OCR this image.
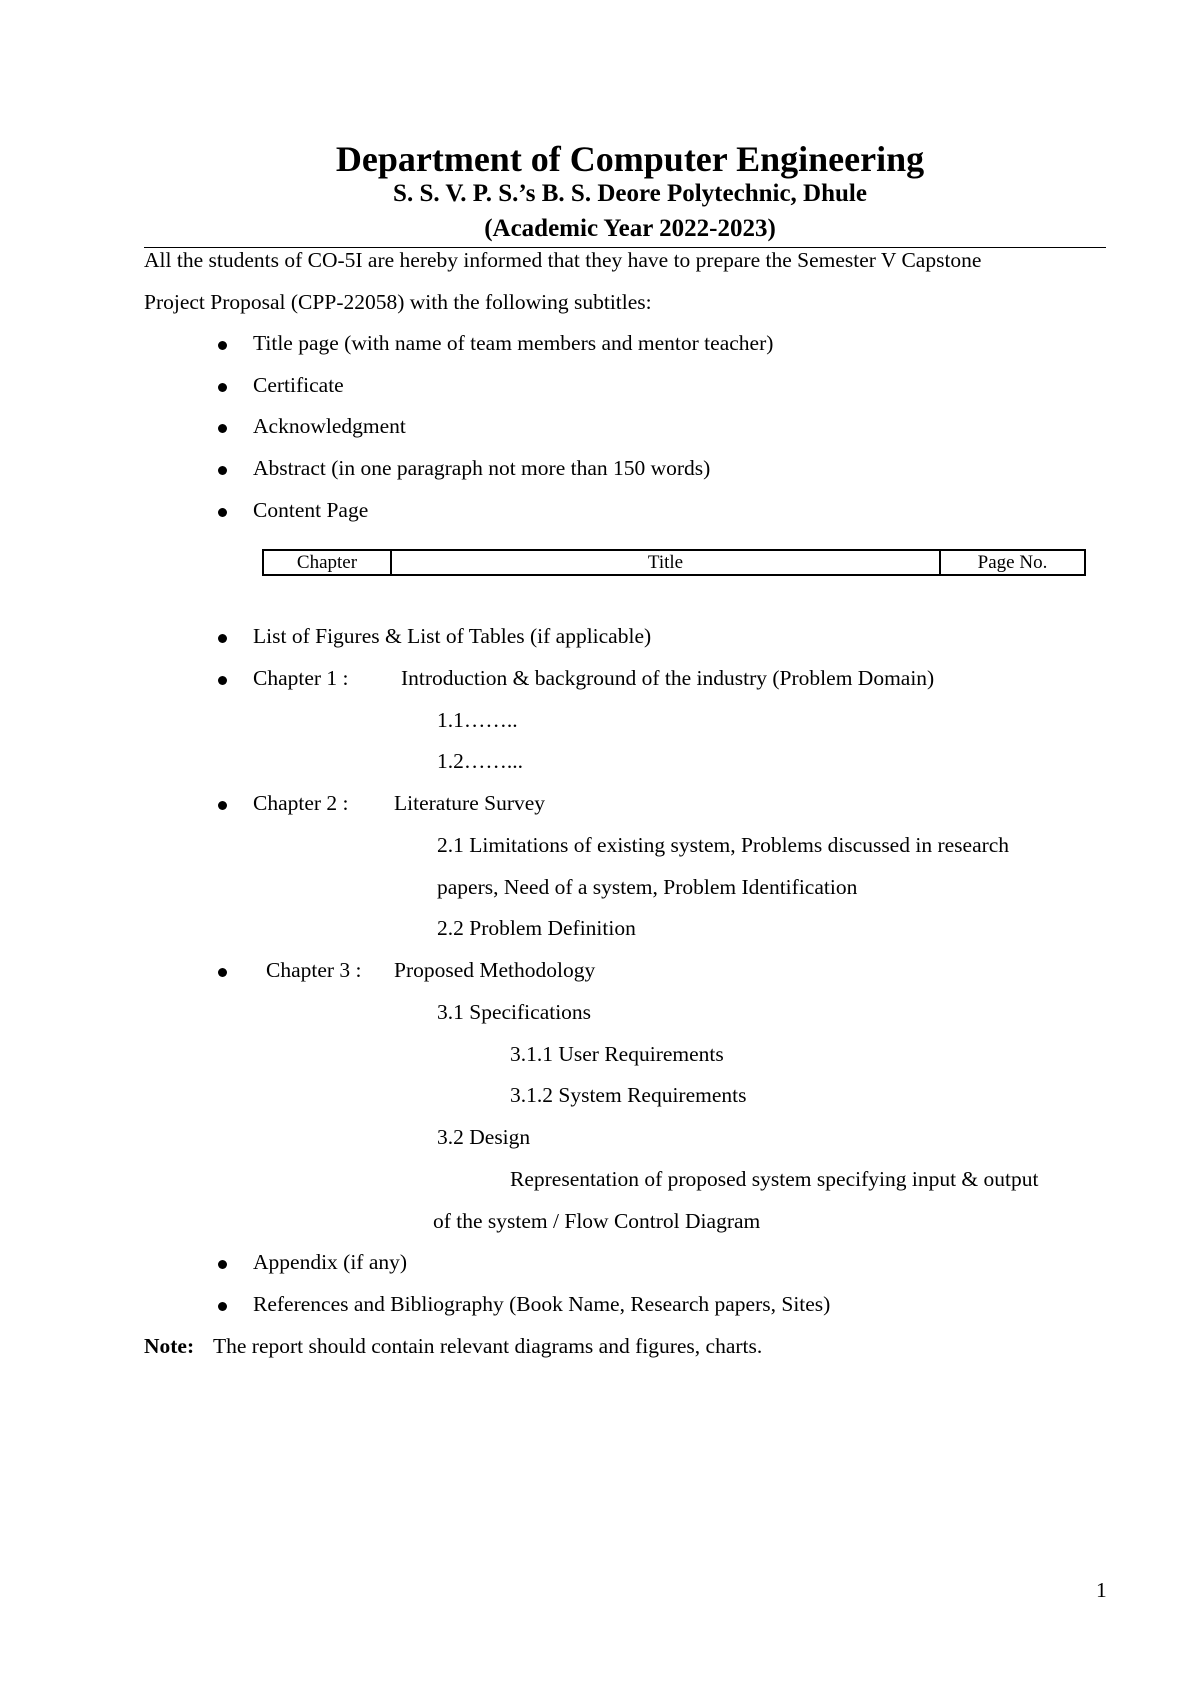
Department of Computer Engineering
S. S. V. P. S.’s B. S. Deore Polytechnic, Dhule
(Academic Year 2022-2023)
All the students of CO-5I are hereby informed that they have to prepare the Semester V Capstone
Project Proposal (CPP-22058) with the following subtitles:
Title page (with name of team members and mentor teacher)
Certificate
Acknowledgment
Abstract (in one paragraph not more than 150 words)
Content Page
Chapter	Title	Page No.
List of Figures & List of Tables (if applicable)
Chapter 1 : Introduction & background of the industry (Problem Domain)
1.1……..
1.2……...
Chapter 2 : Literature Survey
2.1 Limitations of existing system, Problems discussed in research
papers, Need of a system, Problem Identification
2.2 Problem Definition
Chapter 3 : Proposed Methodology
3.1 Specifications
3.1.1 User Requirements
3.1.2 System Requirements
3.2 Design
Representation of proposed system specifying input & output
of the system / Flow Control Diagram
Appendix (if any)
References and Bibliography (Book Name, Research papers, Sites)
Note: The report should contain relevant diagrams and figures, charts.
1
